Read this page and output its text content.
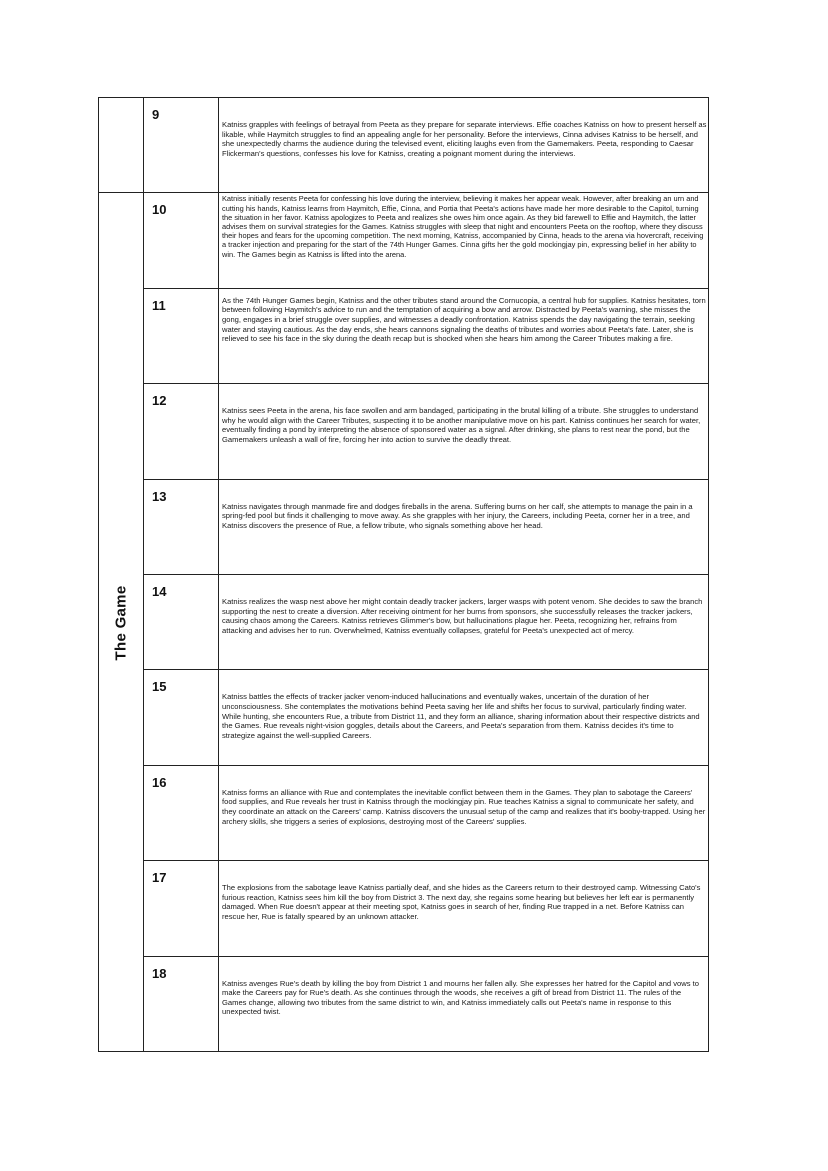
The Game
9

Katniss grapples with feelings of betrayal from Peeta as they prepare for separate interviews. Effie coaches Katniss on how to present herself as likable, while Haymitch struggles to find an appealing angle for her personality. Before the interviews, Cinna advises Katniss to be herself, and she unexpectedly charms the audience during the televised event, eliciting laughs even from the Gamemakers. Peeta, responding to Caesar Flickerman's questions, confesses his love for Katniss, creating a poignant moment during the interviews.

10

Katniss initially resents Peeta for confessing his love during the interview, believing it makes her appear weak. However, after breaking an urn and cutting his hands, Katniss learns from Haymitch, Effie, Cinna, and Portia that Peeta's actions have made her more desirable to the Capitol, turning the situation in her favor. Katniss apologizes to Peeta and realizes she owes him once again. As they bid farewell to Effie and Haymitch, the latter advises them on survival strategies for the Games. Katniss struggles with sleep that night and encounters Peeta on the rooftop, where they discuss their hopes and fears for the upcoming competition. The next morning, Katniss, accompanied by Cinna, heads to the arena via hovercraft, receiving a tracker injection and preparing for the start of the 74th Hunger Games. Cinna gifts her the gold mockingjay pin, expressing belief in her ability to win. The Games begin as Katniss is lifted into the arena.

11	As the 74th Hunger Games begin, Katniss and the other tributes stand around the Cornucopia, a central hub for supplies. Katniss hesitates, torn between following Haymitch's advice to run and the temptation of acquiring a bow and arrow. Distracted by Peeta's warning, she misses the gong, engages in a brief struggle over supplies, and witnesses a deadly confrontation. Katniss spends the day navigating the terrain, seeking water and staying cautious. As the day ends, she hears cannons signaling the deaths of tributes and worries about Peeta's fate. Later, she is relieved to see his face in the sky during the death recap but is shocked when she hears him among the Career Tributes making a fire.

12

Katniss sees Peeta in the arena, his face swollen and arm bandaged, participating in the brutal killing of a tribute. She struggles to understand why he would align with the Career Tributes, suspecting it to be another manipulative move on his part. Katniss continues her search for water, eventually finding a pond by interpreting the absence of sponsored water as a signal. After drinking, she plans to rest near the pond, but the Gamemakers unleash a wall of fire, forcing her into action to survive the deadly threat.

13

Katniss navigates through manmade fire and dodges fireballs in the arena. Suffering burns on her calf, she attempts to manage the pain in a spring-fed pool but finds it challenging to move away. As she grapples with her injury, the Careers, including Peeta, corner her in a tree, and Katniss discovers the presence of Rue, a fellow tribute, who signals something above her head.

14

Katniss realizes the wasp nest above her might contain deadly tracker jackers, larger wasps with potent venom. She decides to saw the branch supporting the nest to create a diversion. After receiving ointment for her burns from sponsors, she successfully releases the tracker jackers, causing chaos among the Careers. Katniss retrieves Glimmer's bow, but hallucinations plague her. Peeta, recognizing her, refrains from attacking and advises her to run. Overwhelmed, Katniss eventually collapses, grateful for Peeta's unexpected act of mercy.

15

Katniss battles the effects of tracker jacker venom-induced hallucinations and eventually wakes, uncertain of the duration of her unconsciousness. She contemplates the motivations behind Peeta saving her life and shifts her focus to survival, particularly finding water. While hunting, she encounters Rue, a tribute from District 11, and they form an alliance, sharing information about their respective districts and the Games. Rue reveals night-vision goggles, details about the Careers, and Peeta's separation from them. Katniss decides it's time to strategize against the well-supplied Careers.

16

Katniss forms an alliance with Rue and contemplates the inevitable conflict between them in the Games. They plan to sabotage the Careers' food supplies, and Rue reveals her trust in Katniss through the mockingjay pin. Rue teaches Katniss a signal to communicate her safety, and they coordinate an attack on the Careers' camp. Katniss discovers the unusual setup of the camp and realizes that it's booby-trapped. Using her archery skills, she triggers a series of explosions, destroying most of the Careers' supplies.

17

The explosions from the sabotage leave Katniss partially deaf, and she hides as the Careers return to their destroyed camp. Witnessing Cato's furious reaction, Katniss sees him kill the boy from District 3. The next day, she regains some hearing but believes her left ear is permanently damaged. When Rue doesn't appear at their meeting spot, Katniss goes in search of her, finding Rue trapped in a net. Before Katniss can rescue her, Rue is fatally speared by an unknown attacker.

18

Katniss avenges Rue's death by killing the boy from District 1 and mourns her fallen ally. She expresses her hatred for the Capitol and vows to make the Careers pay for Rue's death. As she continues through the woods, she receives a gift of bread from District 11. The rules of the Games change, allowing two tributes from the same district to win, and Katniss immediately calls out Peeta's name in response to this unexpected twist.
